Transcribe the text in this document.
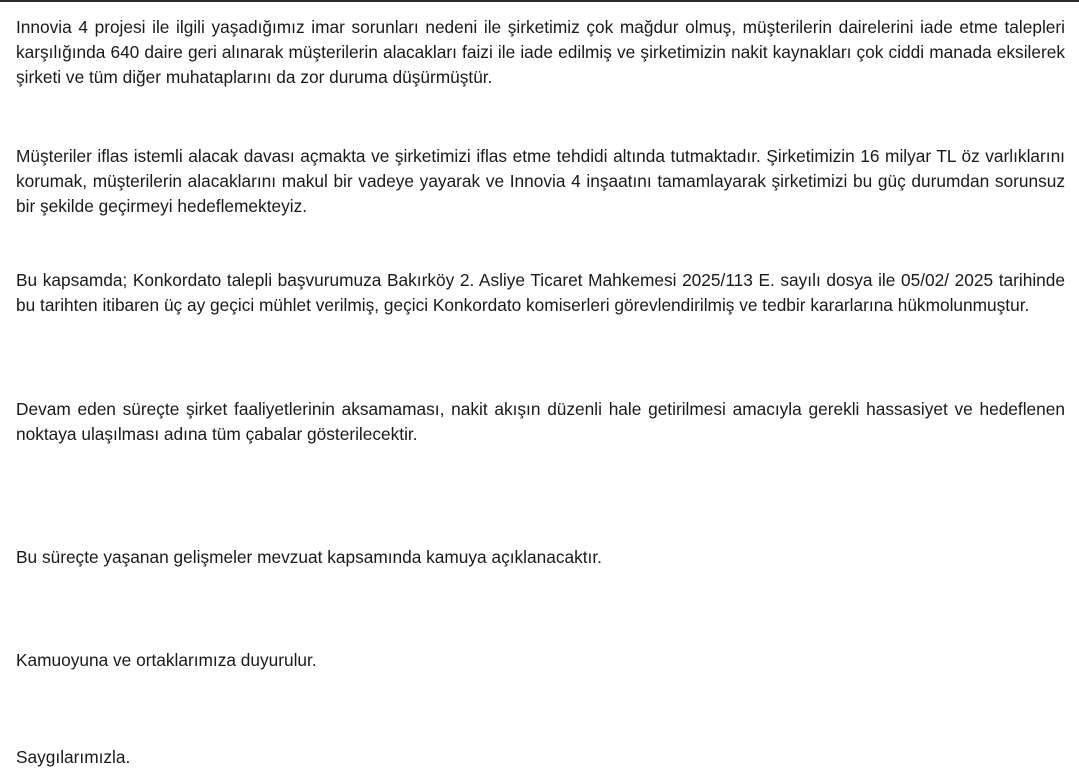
Innovia 4 projesi ile ilgili yaşadığımız imar sorunları nedeni ile şirketimiz çok mağdur olmuş, müşterilerin dairelerini iade etme talepleri karşılığında 640 daire geri alınarak müşterilerin alacakları faizi ile iade edilmiş ve şirketimizin nakit kaynakları çok ciddi manada eksilerek şirketi ve tüm diğer muhataplarını da zor duruma düşürmüştür.

Müşteriler iflas istemli alacak davası açmakta ve şirketimizi iflas etme tehdidi altında tutmaktadır. Şirketimizin 16 milyar TL öz varlıklarını korumak, müşterilerin alacaklarını makul bir vadeye yayarak ve Innovia 4 inşaatını tamamlayarak şirketimizi bu güç durumdan sorunsuz bir şekilde geçirmeyi hedeflemekteyiz.

Bu kapsamda; Konkordato talepli başvurumuza Bakırköy 2. Asliye Ticaret Mahkemesi 2025/113 E. sayılı dosya ile 05/02/ 2025 tarihinde bu tarihten itibaren üç ay geçici mühlet verilmiş, geçici Konkordato komiserleri görevlendirilmiş ve tedbir kararlarına hükmolunmuştur.

Devam eden süreçte şirket faaliyetlerinin aksamaması, nakit akışın düzenli hale getirilmesi amacıyla gerekli hassasiyet ve hedeflenen noktaya ulaşılması adına tüm çabalar gösterilecektir.

Bu süreçte yaşanan gelişmeler mevzuat kapsamında kamuya açıklanacaktır.

Kamuoyuna ve ortaklarımıza duyurulur.

Saygılarımızla.
